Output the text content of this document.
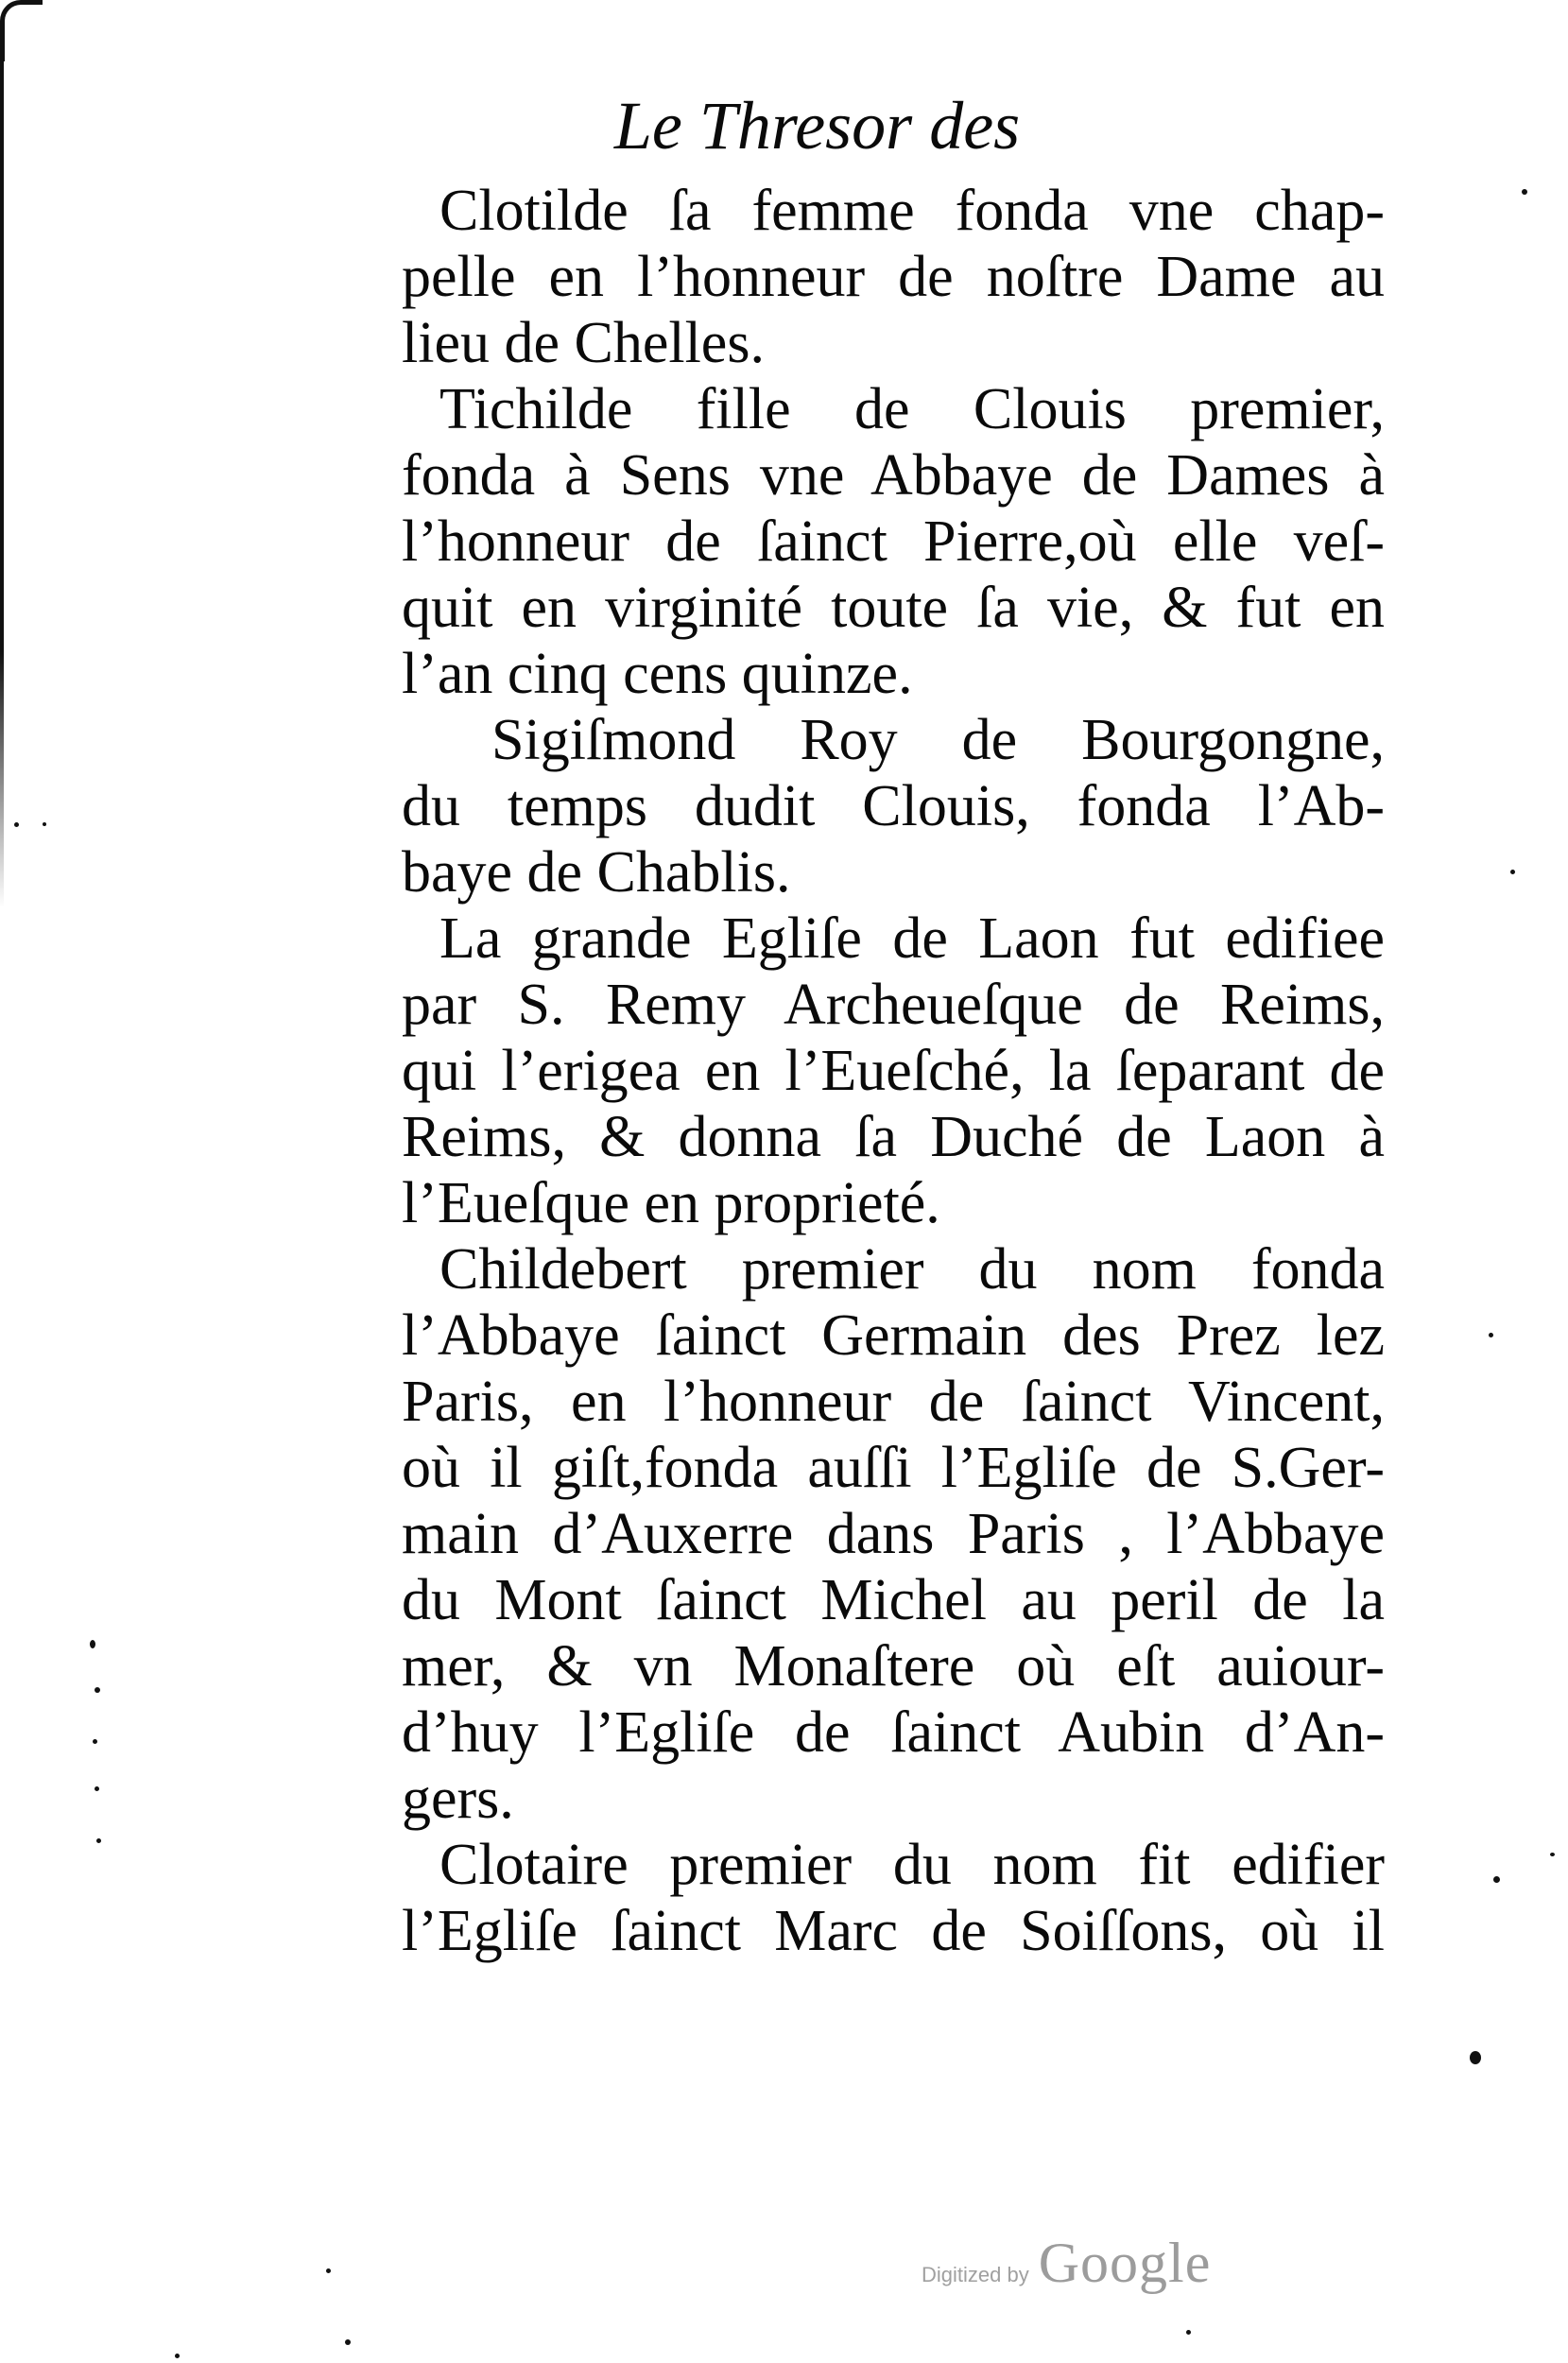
Le Thresor des
Clotilde ſa femme fonda vne chap-
pelle en l’honneur de noſtre Dame au
lieu de Chelles.
Tichilde fille de Clouis premier,
fonda à Sens vne Abbaye de Dames à
l’honneur de ſainct Pierre,où elle veſ-
quit en virginité toute ſa vie, & fut en
l’an cinq cens quinze.
Sigiſmond Roy de Bourgongne,
du temps dudit Clouis, fonda l’Ab-
baye de Chablis.
La grande Egliſe de Laon fut edifiee
par S. Remy Archeueſque de Reims,
qui l’erigea en l’Eueſché, la ſeparant de
Reims, & donna ſa Duché de Laon à
l’Eueſque en proprieté.
Childebert premier du nom fonda
l’Abbaye ſainct Germain des Prez lez
Paris, en l’honneur de ſainct Vincent,
où il giſt,fonda auſſi l’Egliſe de S.Ger-
main d’Auxerre dans Paris , l’Abbaye
du Mont ſainct Michel au peril de la
mer, & vn Monaſtere où eſt auiour-
d’huy l’Egliſe de ſainct Aubin d’An-
gers.
Clotaire premier du nom fit edifier
l’Egliſe ſainct Marc de Soiſſons, où il
Digitized by Google
